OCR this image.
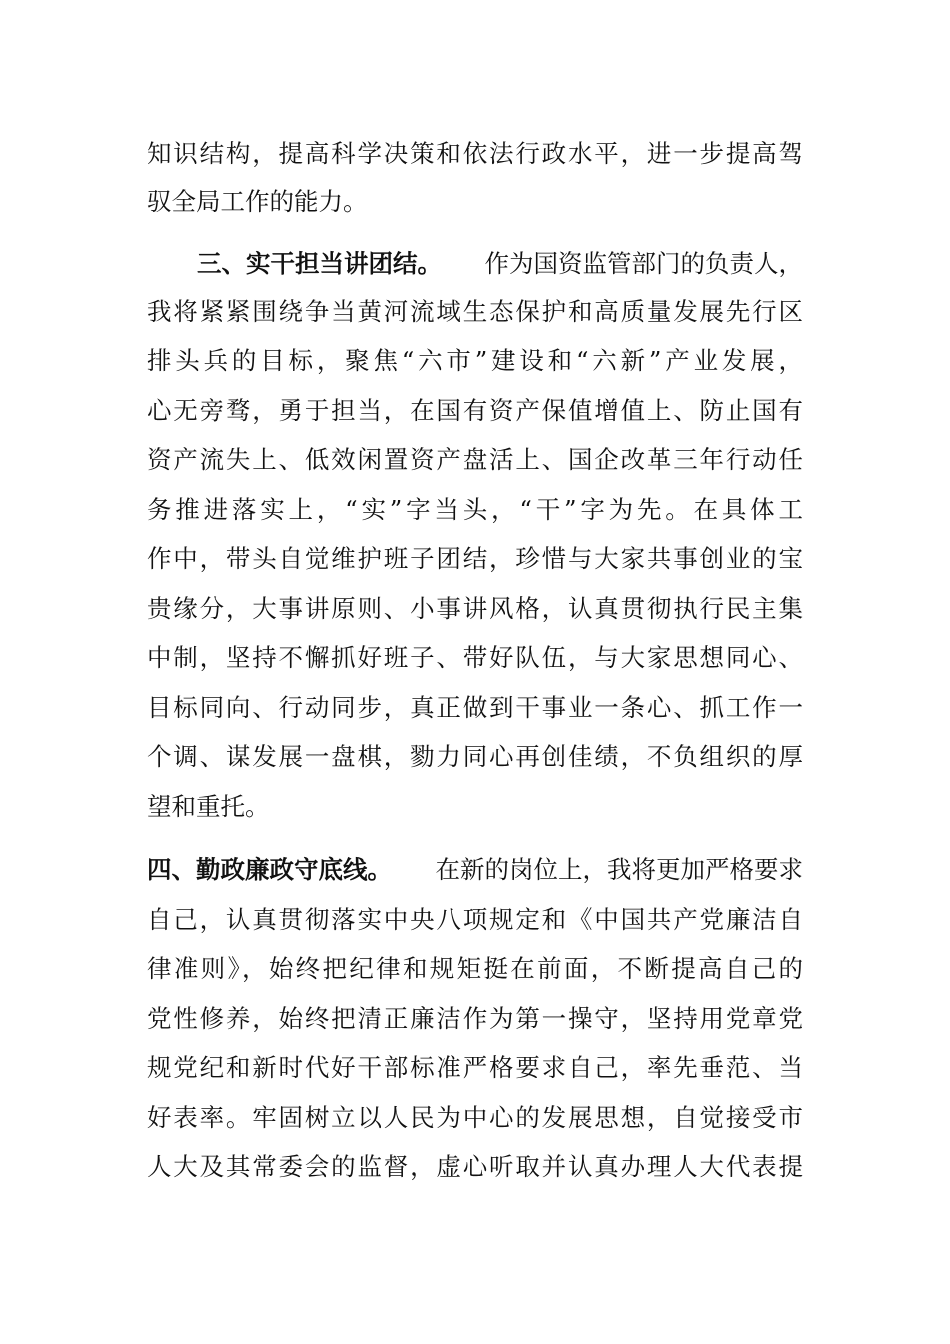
知识结构，提高科学决策和依法行政水平，进一步提高驾
驭全局工作的能力。
三、实干担当讲团结。 作为国资监管部门的负责人，
我将紧紧围绕争当黄河流域生态保护和高质量发展先行区
排头兵的目标，聚焦“六市”建设和“六新”产业发展，
心无旁骛，勇于担当，在国有资产保值增值上、防止国有
资产流失上、低效闲置资产盘活上、国企改革三年行动任
务推进落实上，“实”字当头，“干”字为先。在具体工
作中，带头自觉维护班子团结，珍惜与大家共事创业的宝
贵缘分，大事讲原则、小事讲风格，认真贯彻执行民主集
中制，坚持不懈抓好班子、带好队伍，与大家思想同心、
目标同向、行动同步，真正做到干事业一条心、抓工作一
个调、谋发展一盘棋，勠力同心再创佳绩，不负组织的厚
望和重托。
四、勤政廉政守底线。 在新的岗位上，我将更加严格要求
自己，认真贯彻落实中央八项规定和《中国共产党廉洁自
律准则》，始终把纪律和规矩挺在前面，不断提高自己的
党性修养，始终把清正廉洁作为第一操守，坚持用党章党
规党纪和新时代好干部标准严格要求自己，率先垂范、当
好表率。牢固树立以人民为中心的发展思想，自觉接受市
人大及其常委会的监督，虚心听取并认真办理人大代表提
